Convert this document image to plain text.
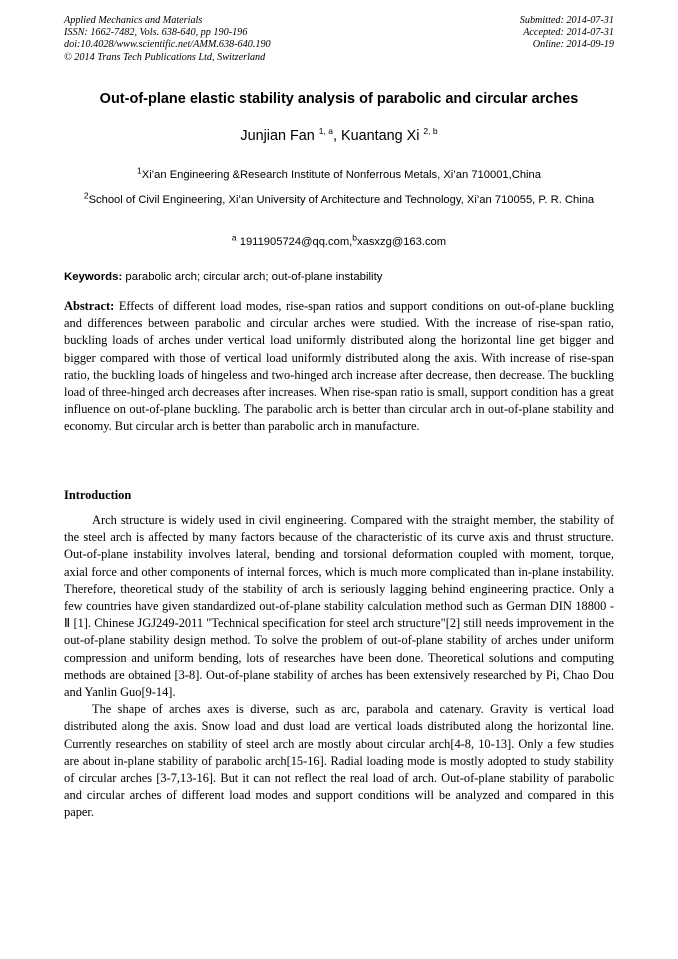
Applied Mechanics and Materials
ISSN: 1662-7482, Vols. 638-640, pp 190-196
doi:10.4028/www.scientific.net/AMM.638-640.190
© 2014 Trans Tech Publications Ltd, Switzerland
Submitted: 2014-07-31
Accepted: 2014-07-31
Online: 2014-09-19
Out-of-plane elastic stability analysis of parabolic and circular arches
Junjian Fan $^{1, a}$, Kuantang Xi $^{2, b}$
$^1$Xi’an Engineering &Research Institute of Nonferrous Metals, Xi’an 710001,China
$^2$School of Civil Engineering, Xi’an University of Architecture and Technology, Xi’an 710055, P. R. China
$^a$ 1911905724@qq.com,$^b$xasxzg@163.com
Keywords: parabolic arch; circular arch; out-of-plane instability
Abstract: Effects of different load modes, rise-span ratios and support conditions on out-of-plane buckling and differences between parabolic and circular arches were studied. With the increase of rise-span ratio, buckling loads of arches under vertical load uniformly distributed along the horizontal line get bigger and bigger compared with those of vertical load uniformly distributed along the axis. With increase of rise-span ratio, the buckling loads of hingeless and two-hinged arch increase after decrease, then decrease. The buckling load of three-hinged arch decreases after increases. When rise-span ratio is small, support condition has a great influence on out-of-plane buckling. The parabolic arch is better than circular arch in out-of-plane stability and economy. But circular arch is better than parabolic arch in manufacture.
Introduction

Arch structure is widely used in civil engineering. Compared with the straight member, the stability of the steel arch is affected by many factors because of the characteristic of its curve axis and thrust structure. Out-of-plane instability involves lateral, bending and torsional deformation coupled with moment, torque, axial force and other components of internal forces, which is much more complicated than in-plane instability. Therefore, theoretical study of the stability of arch is seriously lagging behind engineering practice. Only a few countries have given standardized out-of-plane stability calculation method such as German DIN 18800 - Ⅱ [1]. Chinese JGJ249-2011 "Technical specification for steel arch structure"[2] still needs improvement in the out-of-plane stability design method. To solve the problem of out-of-plane stability of arches under uniform compression and uniform bending, lots of researches have been done. Theoretical solutions and computing methods are obtained [3-8]. Out-of-plane stability of arches has been extensively researched by Pi, Chao Dou and Yanlin Guo[9-14].

The shape of arches axes is diverse, such as arc, parabola and catenary. Gravity is vertical load distributed along the axis. Snow load and dust load are vertical loads distributed along the horizontal line. Currently researches on stability of steel arch are mostly about circular arch[4-8, 10-13]. Only a few studies are about in-plane stability of parabolic arch[15-16]. Radial loading mode is mostly adopted to study stability of circular arches [3-7,13-16]. But it can not reflect the real load of arch. Out-of-plane stability of parabolic and circular arches of different load modes and support conditions will be analyzed and compared in this paper.
